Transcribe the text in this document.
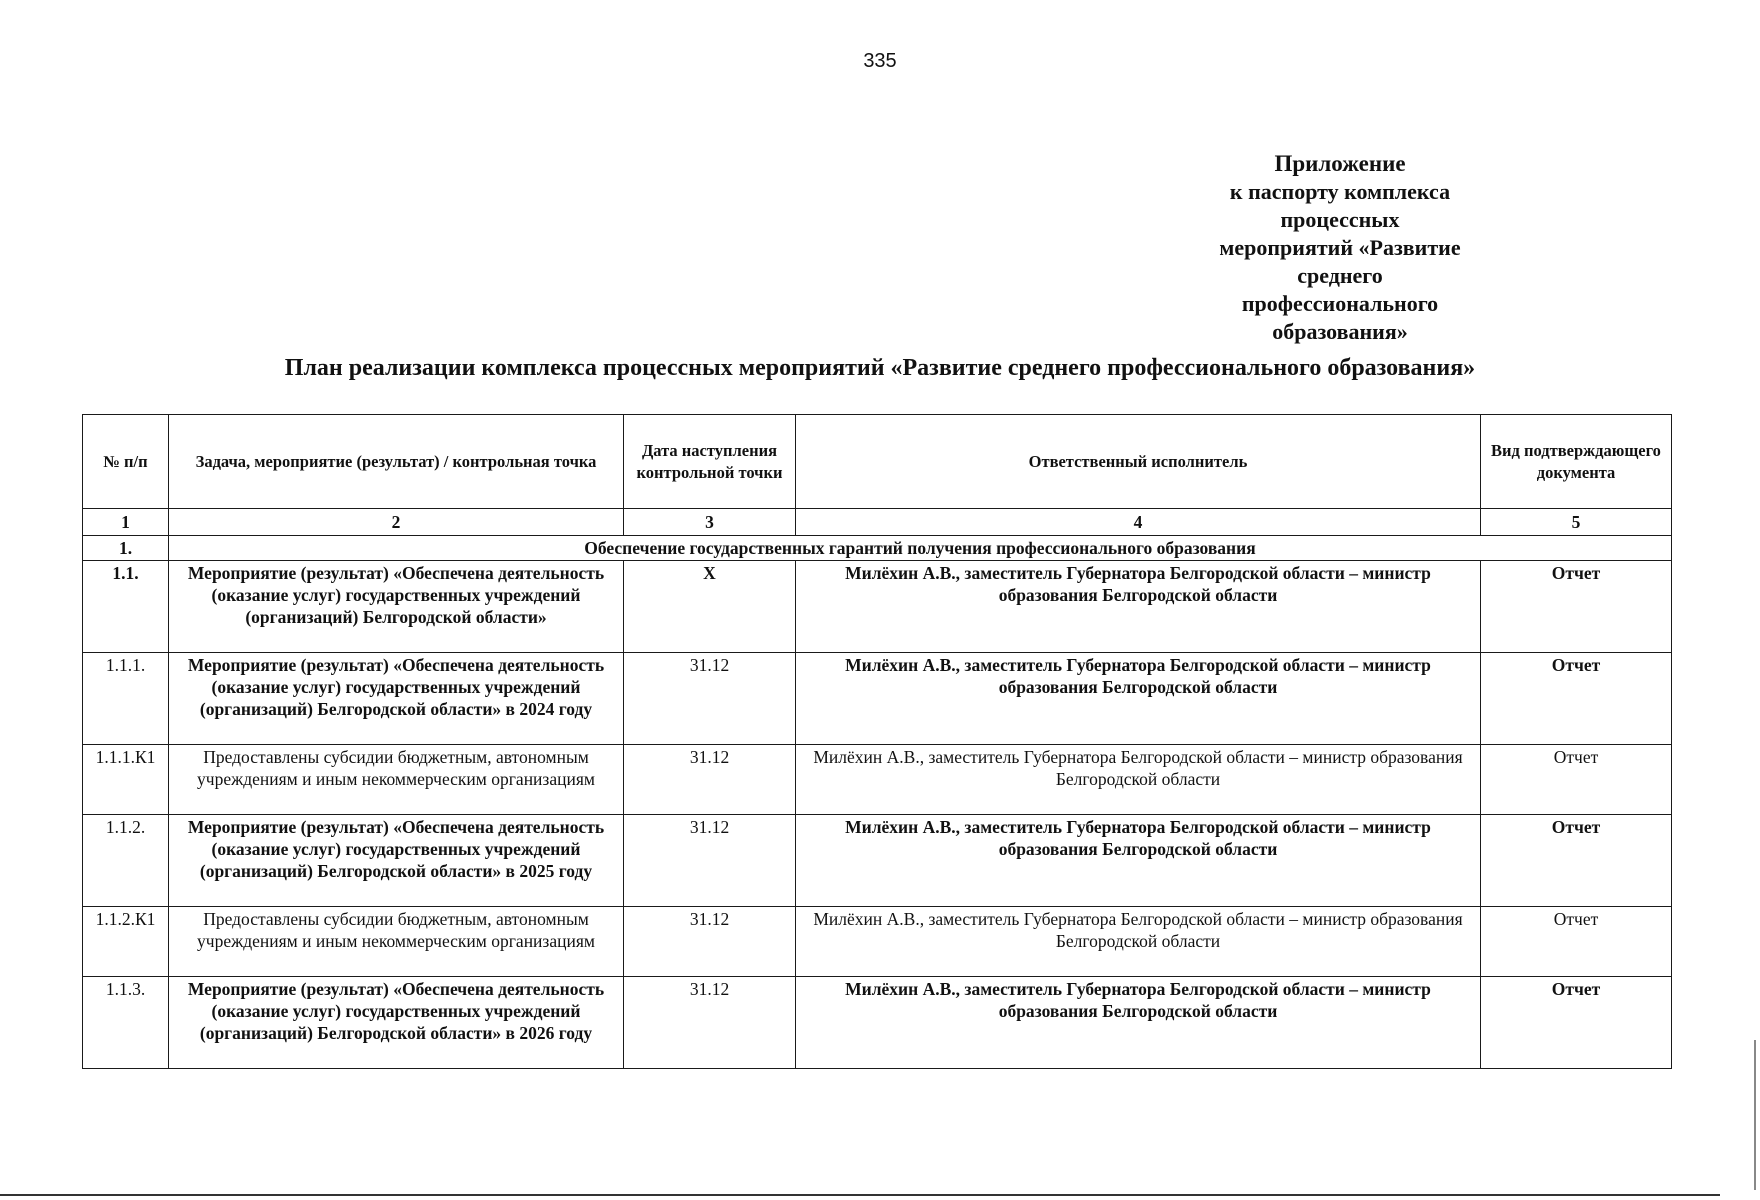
335
Приложение
к паспорту комплекса процессных
мероприятий «Развитие среднего
профессионального образования»
План реализации комплекса процессных мероприятий «Развитие среднего профессионального образования»
№ п/п	Задача, мероприятие (результат) / контрольная точка	Дата наступления контрольной точки	Ответственный исполнитель	Вид подтверждающего документа
1	2	3	4	5
1.	Обеспечение государственных гарантий получения профессионального образования			
1.1.	Мероприятие (результат) «Обеспечена деятельность (оказание услуг) государственных учреждений (организаций) Белгородской области»	Х	Милёхин А.В., заместитель Губернатора Белгородской области – министр образования Белгородской области	Отчет
1.1.1.	Мероприятие (результат) «Обеспечена деятельность (оказание услуг) государственных учреждений (организаций) Белгородской области» в 2024 году	31.12	Милёхин А.В., заместитель Губернатора Белгородской области – министр образования Белгородской области	Отчет
1.1.1.К1	Предоставлены субсидии бюджетным, автономным учреждениям и иным некоммерческим организациям	31.12	Милёхин А.В., заместитель Губернатора Белгородской области – министр образования Белгородской области	Отчет
1.1.2.	Мероприятие (результат) «Обеспечена деятельность (оказание услуг) государственных учреждений (организаций) Белгородской области» в 2025 году	31.12	Милёхин А.В., заместитель Губернатора Белгородской области – министр образования Белгородской области	Отчет
1.1.2.К1	Предоставлены субсидии бюджетным, автономным учреждениям и иным некоммерческим организациям	31.12	Милёхин А.В., заместитель Губернатора Белгородской области – министр образования Белгородской области	Отчет
1.1.3.	Мероприятие (результат) «Обеспечена деятельность (оказание услуг) государственных учреждений (организаций) Белгородской области» в 2026 году	31.12	Милёхин А.В., заместитель Губернатора Белгородской области – министр образования Белгородской области	Отчет
